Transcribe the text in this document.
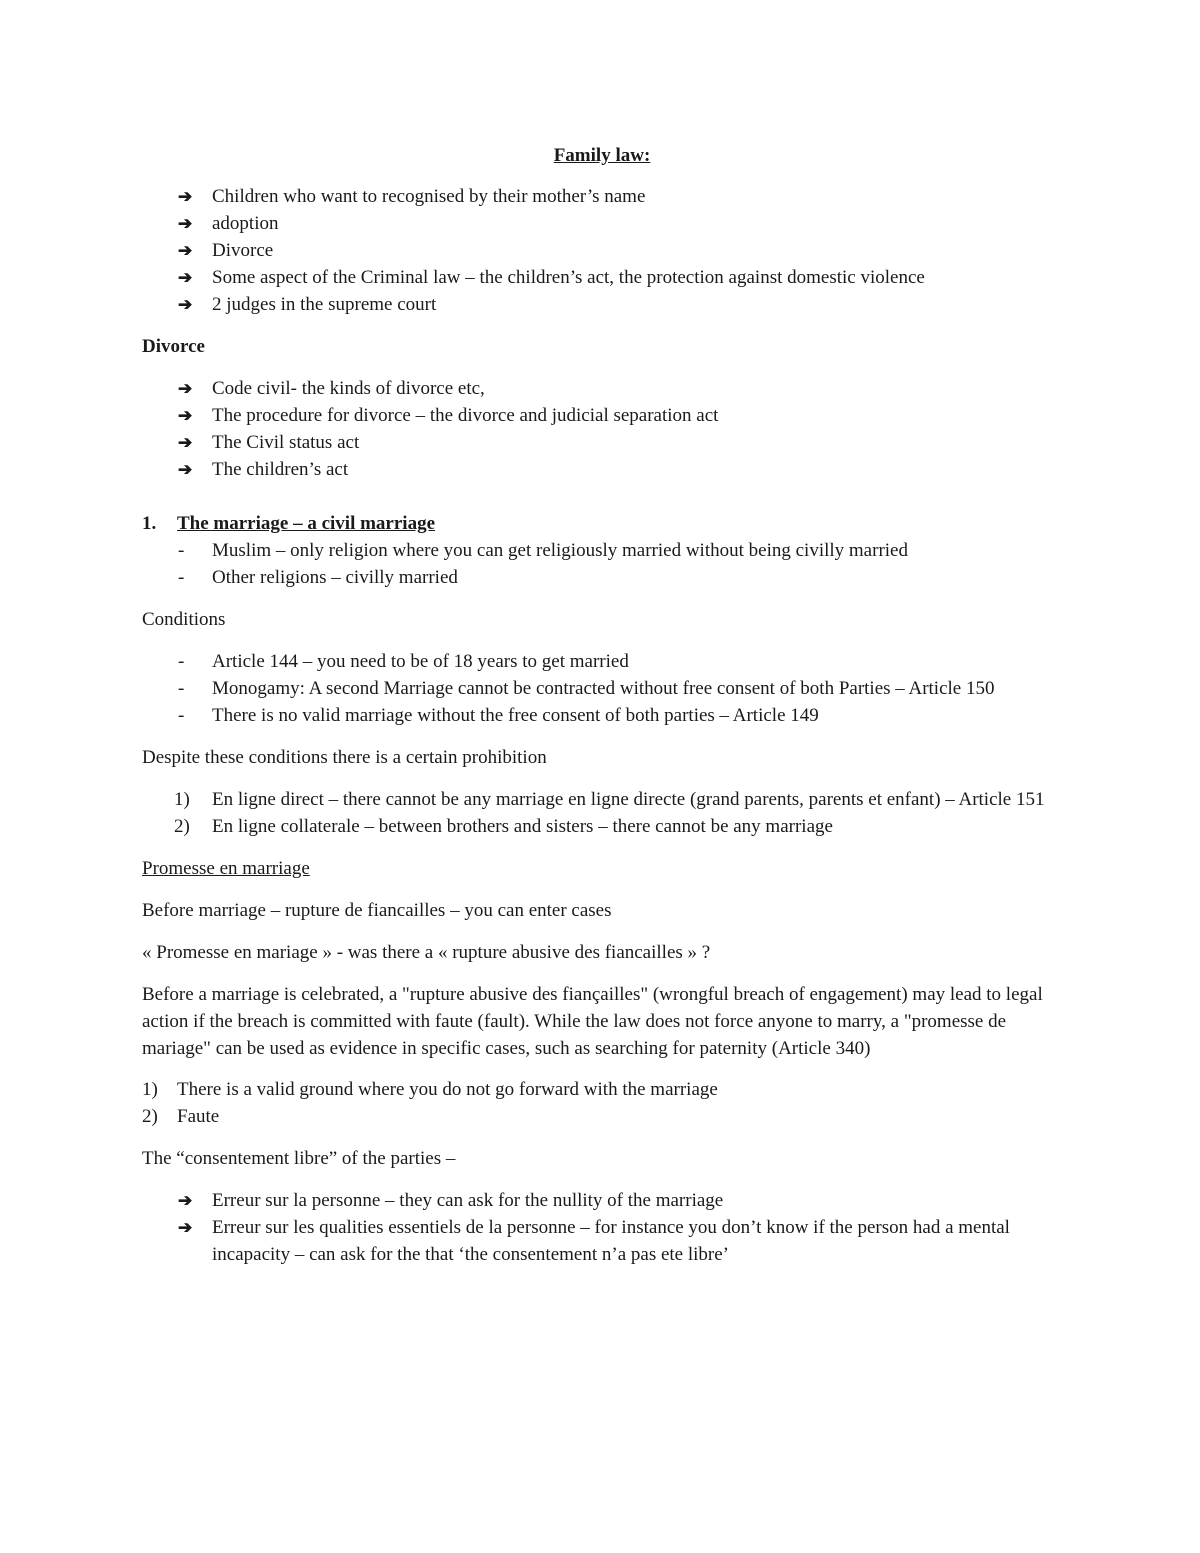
Family law:

➔ Children who want to recognised by their mother’s name
➔ adoption
➔ Divorce
➔ Some aspect of the Criminal law – the children’s act, the protection against domestic violence
➔ 2 judges in the supreme court

Divorce

➔ Code civil- the kinds of divorce etc,
➔ The procedure for divorce – the divorce and judicial separation act
➔ The Civil status act
➔ The children’s act
1. The marriage – a civil marriage
- Muslim – only religion where you can get religiously married without being civilly married
- Other religions – civilly married

Conditions

- Article 144 – you need to be of 18 years to get married
- Monogamy: A second Marriage cannot be contracted without free consent of both Parties – Article 150
- There is no valid marriage without the free consent of both parties – Article 149

Despite these conditions there is a certain prohibition

1) En ligne direct – there cannot be any marriage en ligne directe (grand parents, parents et enfant) – Article 151
2) En ligne collaterale – between brothers and sisters – there cannot be any marriage

Promesse en marriage

Before marriage – rupture de fiancailles – you can enter cases

« Promesse en mariage » - was there a « rupture abusive des fiancailles » ?

Before a marriage is celebrated, a "rupture abusive des fiançailles" (wrongful breach of engagement) may lead to legal action if the breach is committed with faute (fault). While the law does not force anyone to marry, a "promesse de mariage" can be used as evidence in specific cases, such as searching for paternity (Article 340)

1) There is a valid ground where you do not go forward with the marriage
2) Faute

The “consentement libre” of the parties –

➔ Erreur sur la personne – they can ask for the nullity of the marriage
➔ Erreur sur les qualities essentiels de la personne – for instance you don’t know if the person had a mental incapacity – can ask for the that ‘the consentement n’a pas ete libre’
